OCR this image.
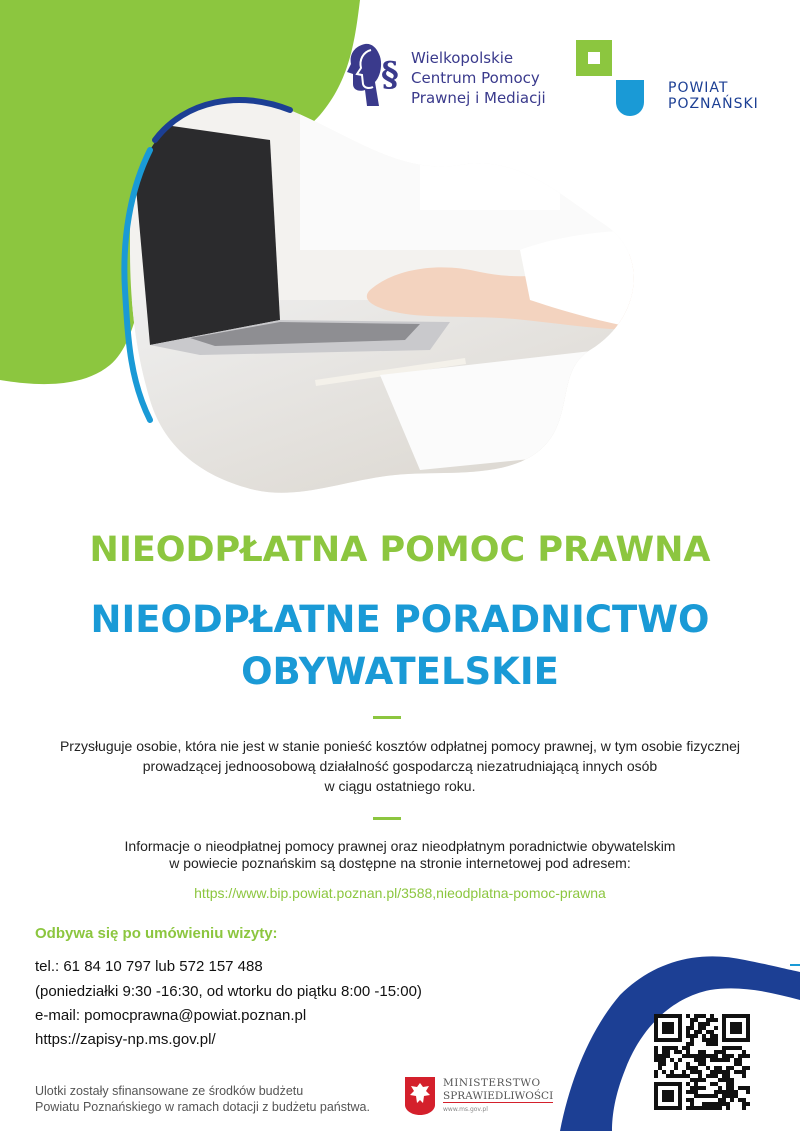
§ Wielkopolskie
Centrum Pomocy
Prawnej i Mediacji
POWIAT
POZNAŃSKI
NIEODPŁATNA POMOC PRAWNA
NIEODPŁATNE PORADNICTWO
OBYWATELSKIE
Przysługuje osobie, która nie jest w stanie ponieść kosztów odpłatnej pomocy prawnej, w tym osobie fizycznej
prowadzącej jednoosobową działalność gospodarczą niezatrudniającą innych osób
w ciągu ostatniego roku.
Informacje o nieodpłatnej pomocy prawnej oraz nieodpłatnym poradnictwie obywatelskim
w powiecie poznańskim są dostępne na stronie internetowej pod adresem:
https://www.bip.powiat.poznan.pl/3588,nieodplatna-pomoc-prawna
Odbywa się po umówieniu wizyty:
tel.: 61 84 10 797 lub 572 157 488
(poniedziałki 9:30 -16:30, od wtorku do piątku 8:00 -15:00)
e-mail: pomocprawna@powiat.poznan.pl
https://zapisy-np.ms.gov.pl/
Ulotki zostały sfinansowane ze środków budżetu
Powiatu Poznańskiego w ramach dotacji z budżetu państwa.
MINISTERSTWO
SPRAWIEDLIWOŚCI
www.ms.gov.pl
